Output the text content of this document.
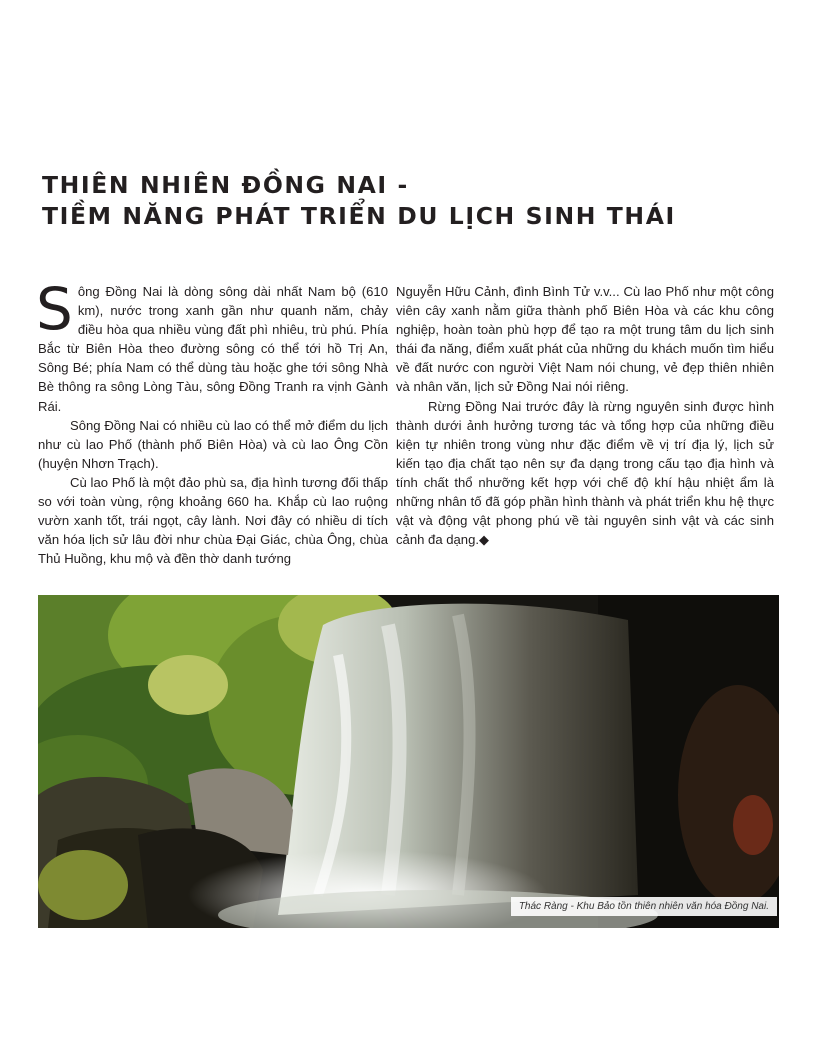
THIÊN NHIÊN ĐỒNG NAI -
TIỀM NĂNG PHÁT TRIỂN DU LỊCH SINH THÁI

Sông Đồng Nai là dòng sông dài nhất Nam bộ (610 km), nước trong xanh gần như quanh năm, chảy điều hòa qua nhiều vùng đất phì nhiêu, trù phú. Phía Bắc từ Biên Hòa theo đường sông có thể tới hồ Trị An, Sông Bé; phía Nam có thể dùng tàu hoặc ghe tới sông Nhà Bè thông ra sông Lòng Tàu, sông Đồng Tranh ra vịnh Gành Rái.

Sông Đồng Nai có nhiều cù lao có thể mở điểm du lịch như cù lao Phố (thành phố Biên Hòa) và cù lao Ông Cồn (huyện Nhơn Trạch).

Cù lao Phố là một đảo phù sa, địa hình tương đối thấp so với toàn vùng, rộng khoảng 660 ha. Khắp cù lao ruộng vườn xanh tốt, trái ngọt, cây lành. Nơi đây có nhiều di tích văn hóa lịch sử lâu đời như chùa Đại Giác, chùa Ông, chùa Thủ Huồng, khu mộ và đền thờ danh tướng

Nguyễn Hữu Cảnh, đình Bình Tử v.v... Cù lao Phố như một công viên cây xanh nằm giữa thành phố Biên Hòa và các khu công nghiệp, hoàn toàn phù hợp để tạo ra một trung tâm du lịch sinh thái đa năng, điểm xuất phát của những du khách muốn tìm hiểu về đất nước con người Việt Nam nói chung, vẻ đẹp thiên nhiên và nhân văn, lịch sử Đồng Nai nói riêng.

Rừng Đồng Nai trước đây là rừng nguyên sinh được hình thành dưới ảnh hưởng tương tác và tổng hợp của những điều kiện tự nhiên trong vùng như đặc điểm về vị trí địa lý, lịch sử kiến tạo địa chất tạo nên sự đa dạng trong cấu tạo địa hình và tính chất thổ nhưỡng kết hợp với chế độ khí hậu nhiệt ẩm là những nhân tố đã góp phần hình thành và phát triển khu hệ thực vật và động vật phong phú về tài nguyên sinh vật và các sinh cảnh đa dạng.◆

Thác Ràng - Khu Bảo tồn thiên nhiên văn hóa Đồng Nai.
